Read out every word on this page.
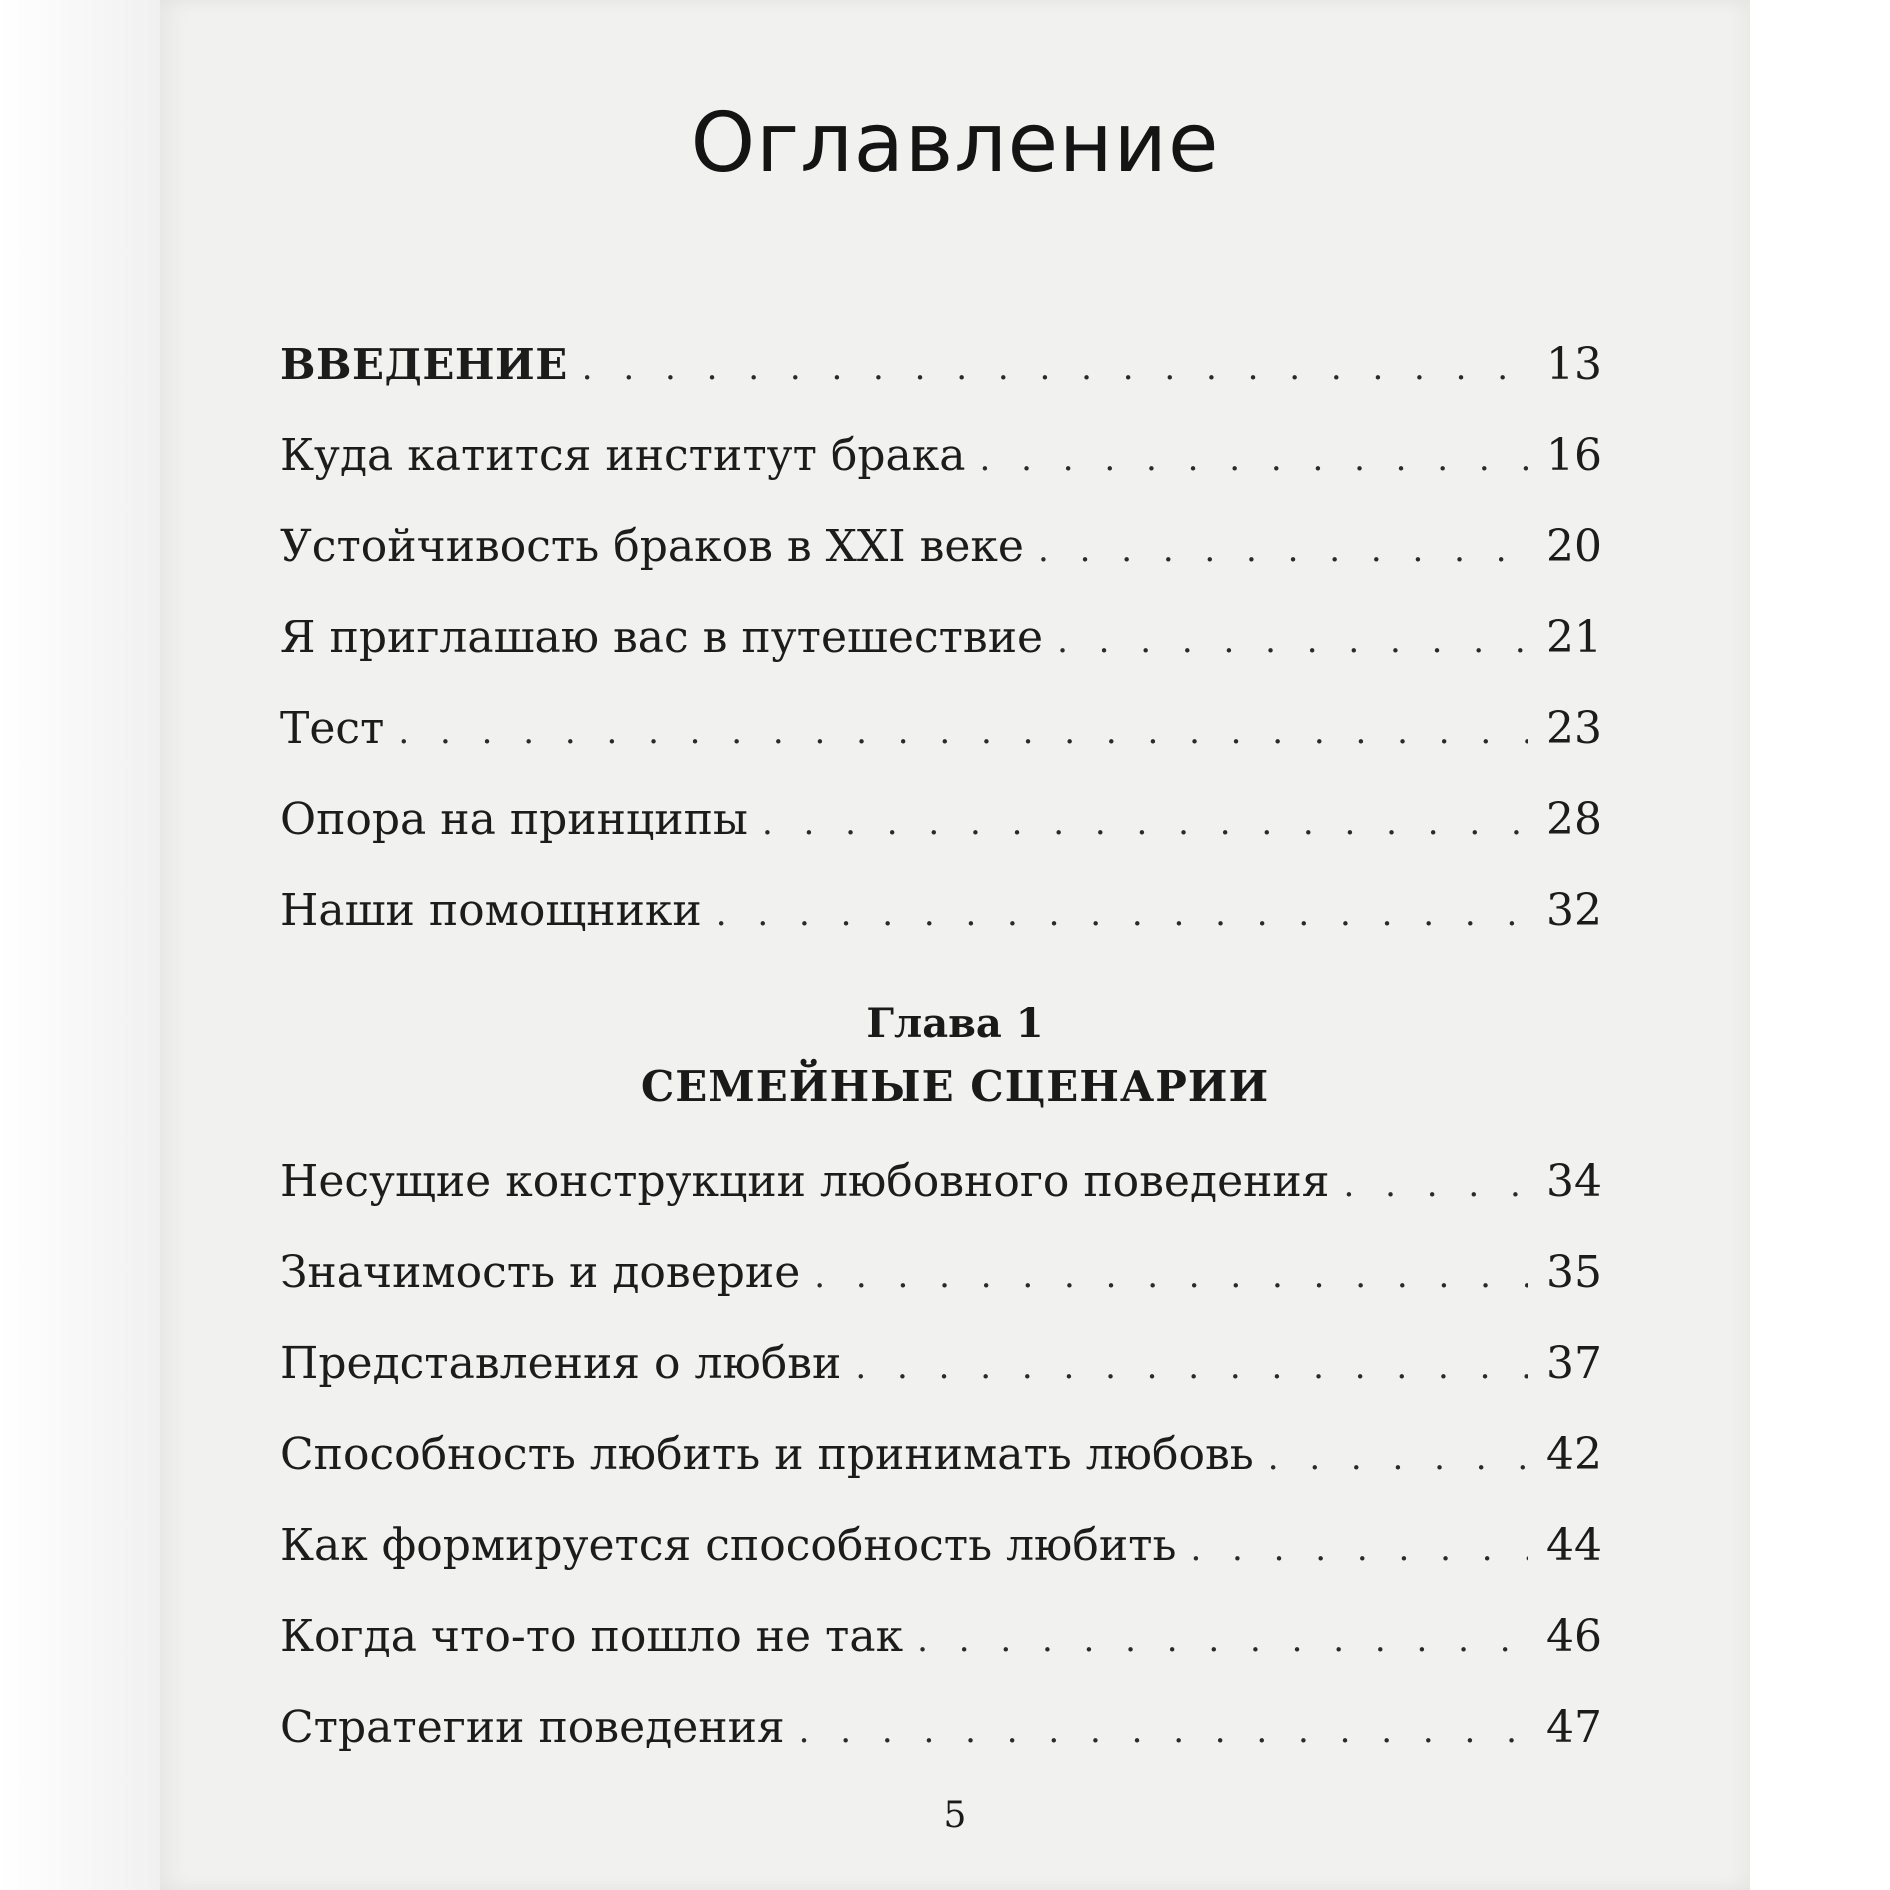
Оглавление
ВВЕДЕНИЕ . . .	13
Куда катится институт брака . . .	16
Устойчивость браков в XXI веке . . .	20
Я приглашаю вас в путешествие . . .	21
Тест . . .	23
Опора на принципы . . .	28
Наши помощники . . .	32
Несущие конструкции любовного поведения . . .	34
Значимость и доверие . . .	35
Представления о любви . . .	37
Способность любить и принимать любовь . . .	42
Как формируется способность любить . . .	44
Когда что-то пошло не так . . .	46
Стратегии поведения . . .	47
Глава 1
СЕМЕЙНЫЕ СЦЕНАРИИ
5
